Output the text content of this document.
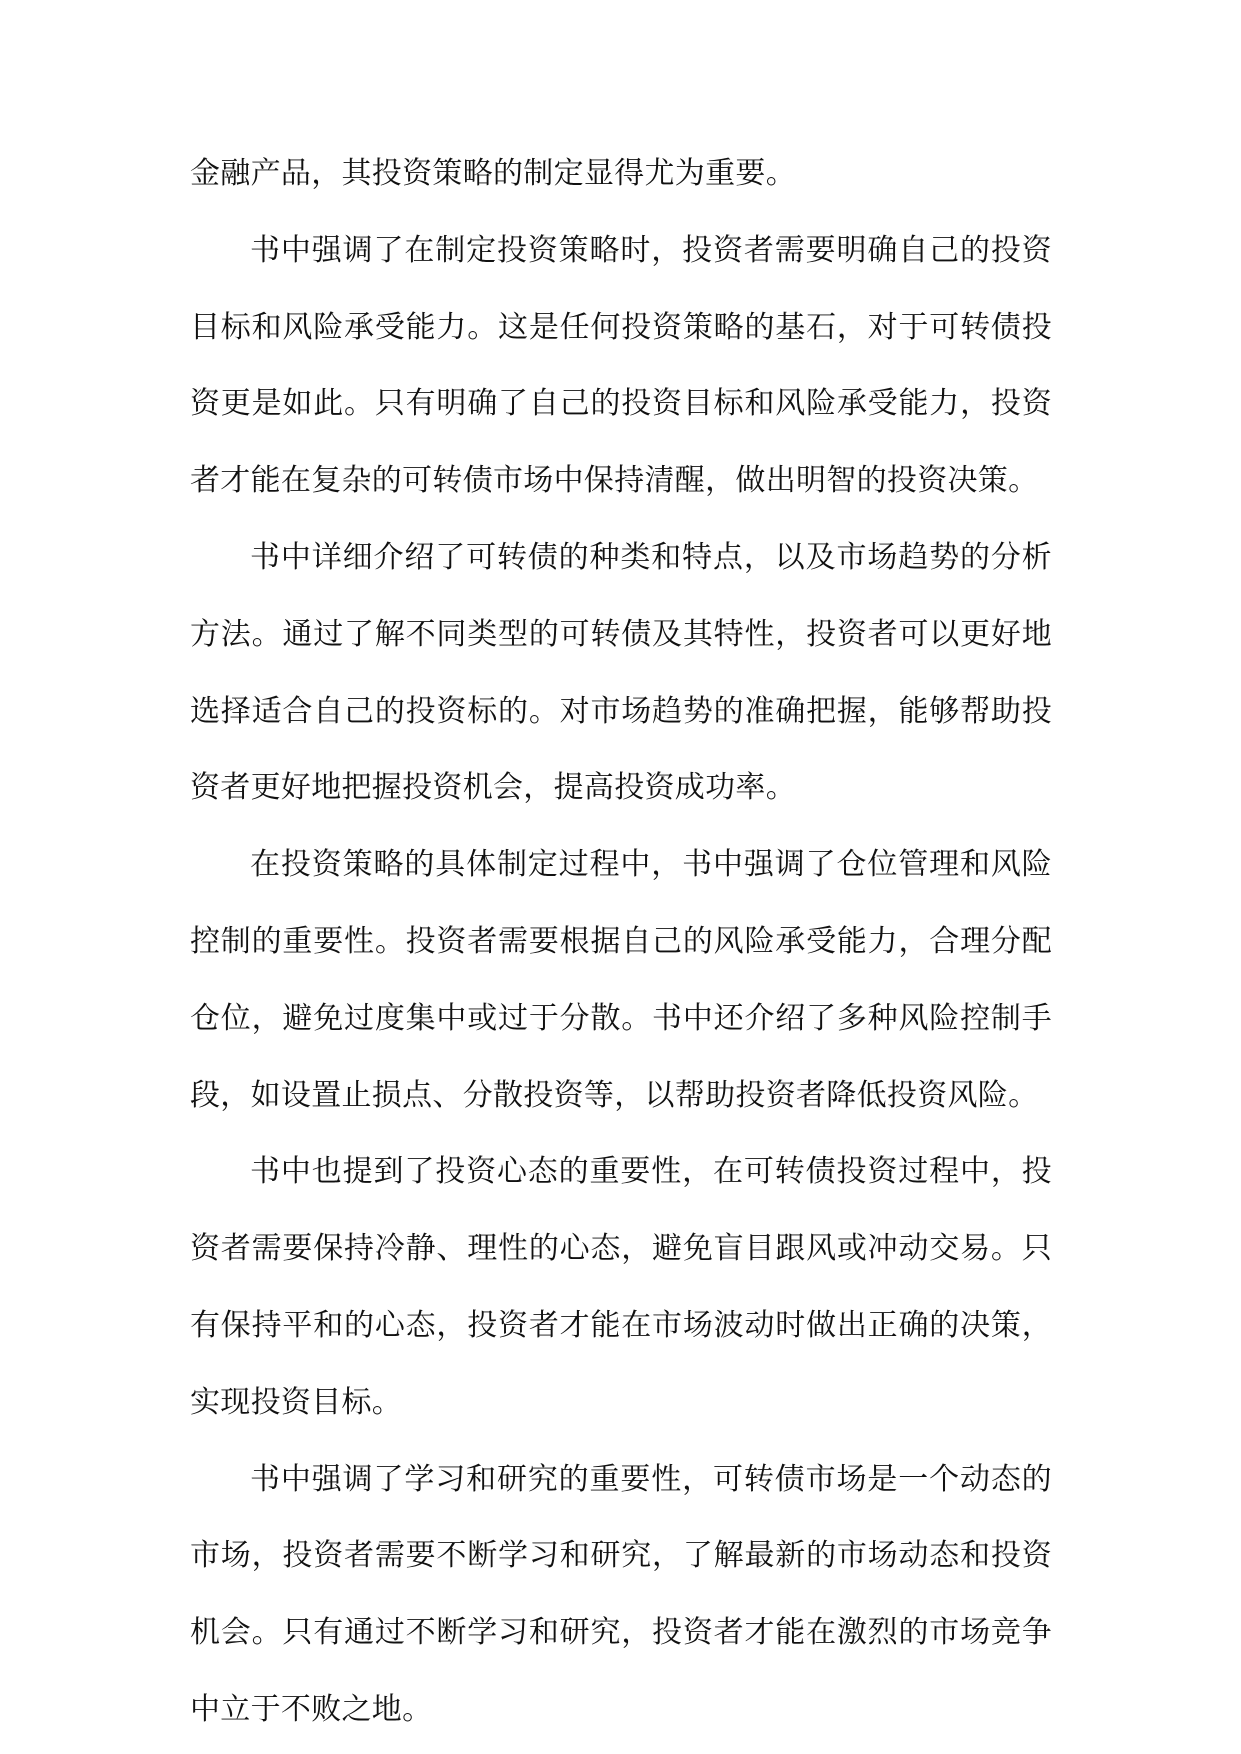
金融产品，其投资策略的制定显得尤为重要。

书中强调了在制定投资策略时，投资者需要明确自己的投资目标和风险承受能力。这是任何投资策略的基石，对于可转债投资更是如此。只有明确了自己的投资目标和风险承受能力，投资者才能在复杂的可转债市场中保持清醒，做出明智的投资决策。

书中详细介绍了可转债的种类和特点，以及市场趋势的分析方法。通过了解不同类型的可转债及其特性，投资者可以更好地选择适合自己的投资标的。对市场趋势的准确把握，能够帮助投资者更好地把握投资机会，提高投资成功率。

在投资策略的具体制定过程中，书中强调了仓位管理和风险控制的重要性。投资者需要根据自己的风险承受能力，合理分配仓位，避免过度集中或过于分散。书中还介绍了多种风险控制手段，如设置止损点、分散投资等，以帮助投资者降低投资风险。

书中也提到了投资心态的重要性，在可转债投资过程中，投资者需要保持冷静、理性的心态，避免盲目跟风或冲动交易。只有保持平和的心态，投资者才能在市场波动时做出正确的决策，实现投资目标。

书中强调了学习和研究的重要性，可转债市场是一个动态的市场，投资者需要不断学习和研究，了解最新的市场动态和投资机会。只有通过不断学习和研究，投资者才能在激烈的市场竞争中立于不败之地。
